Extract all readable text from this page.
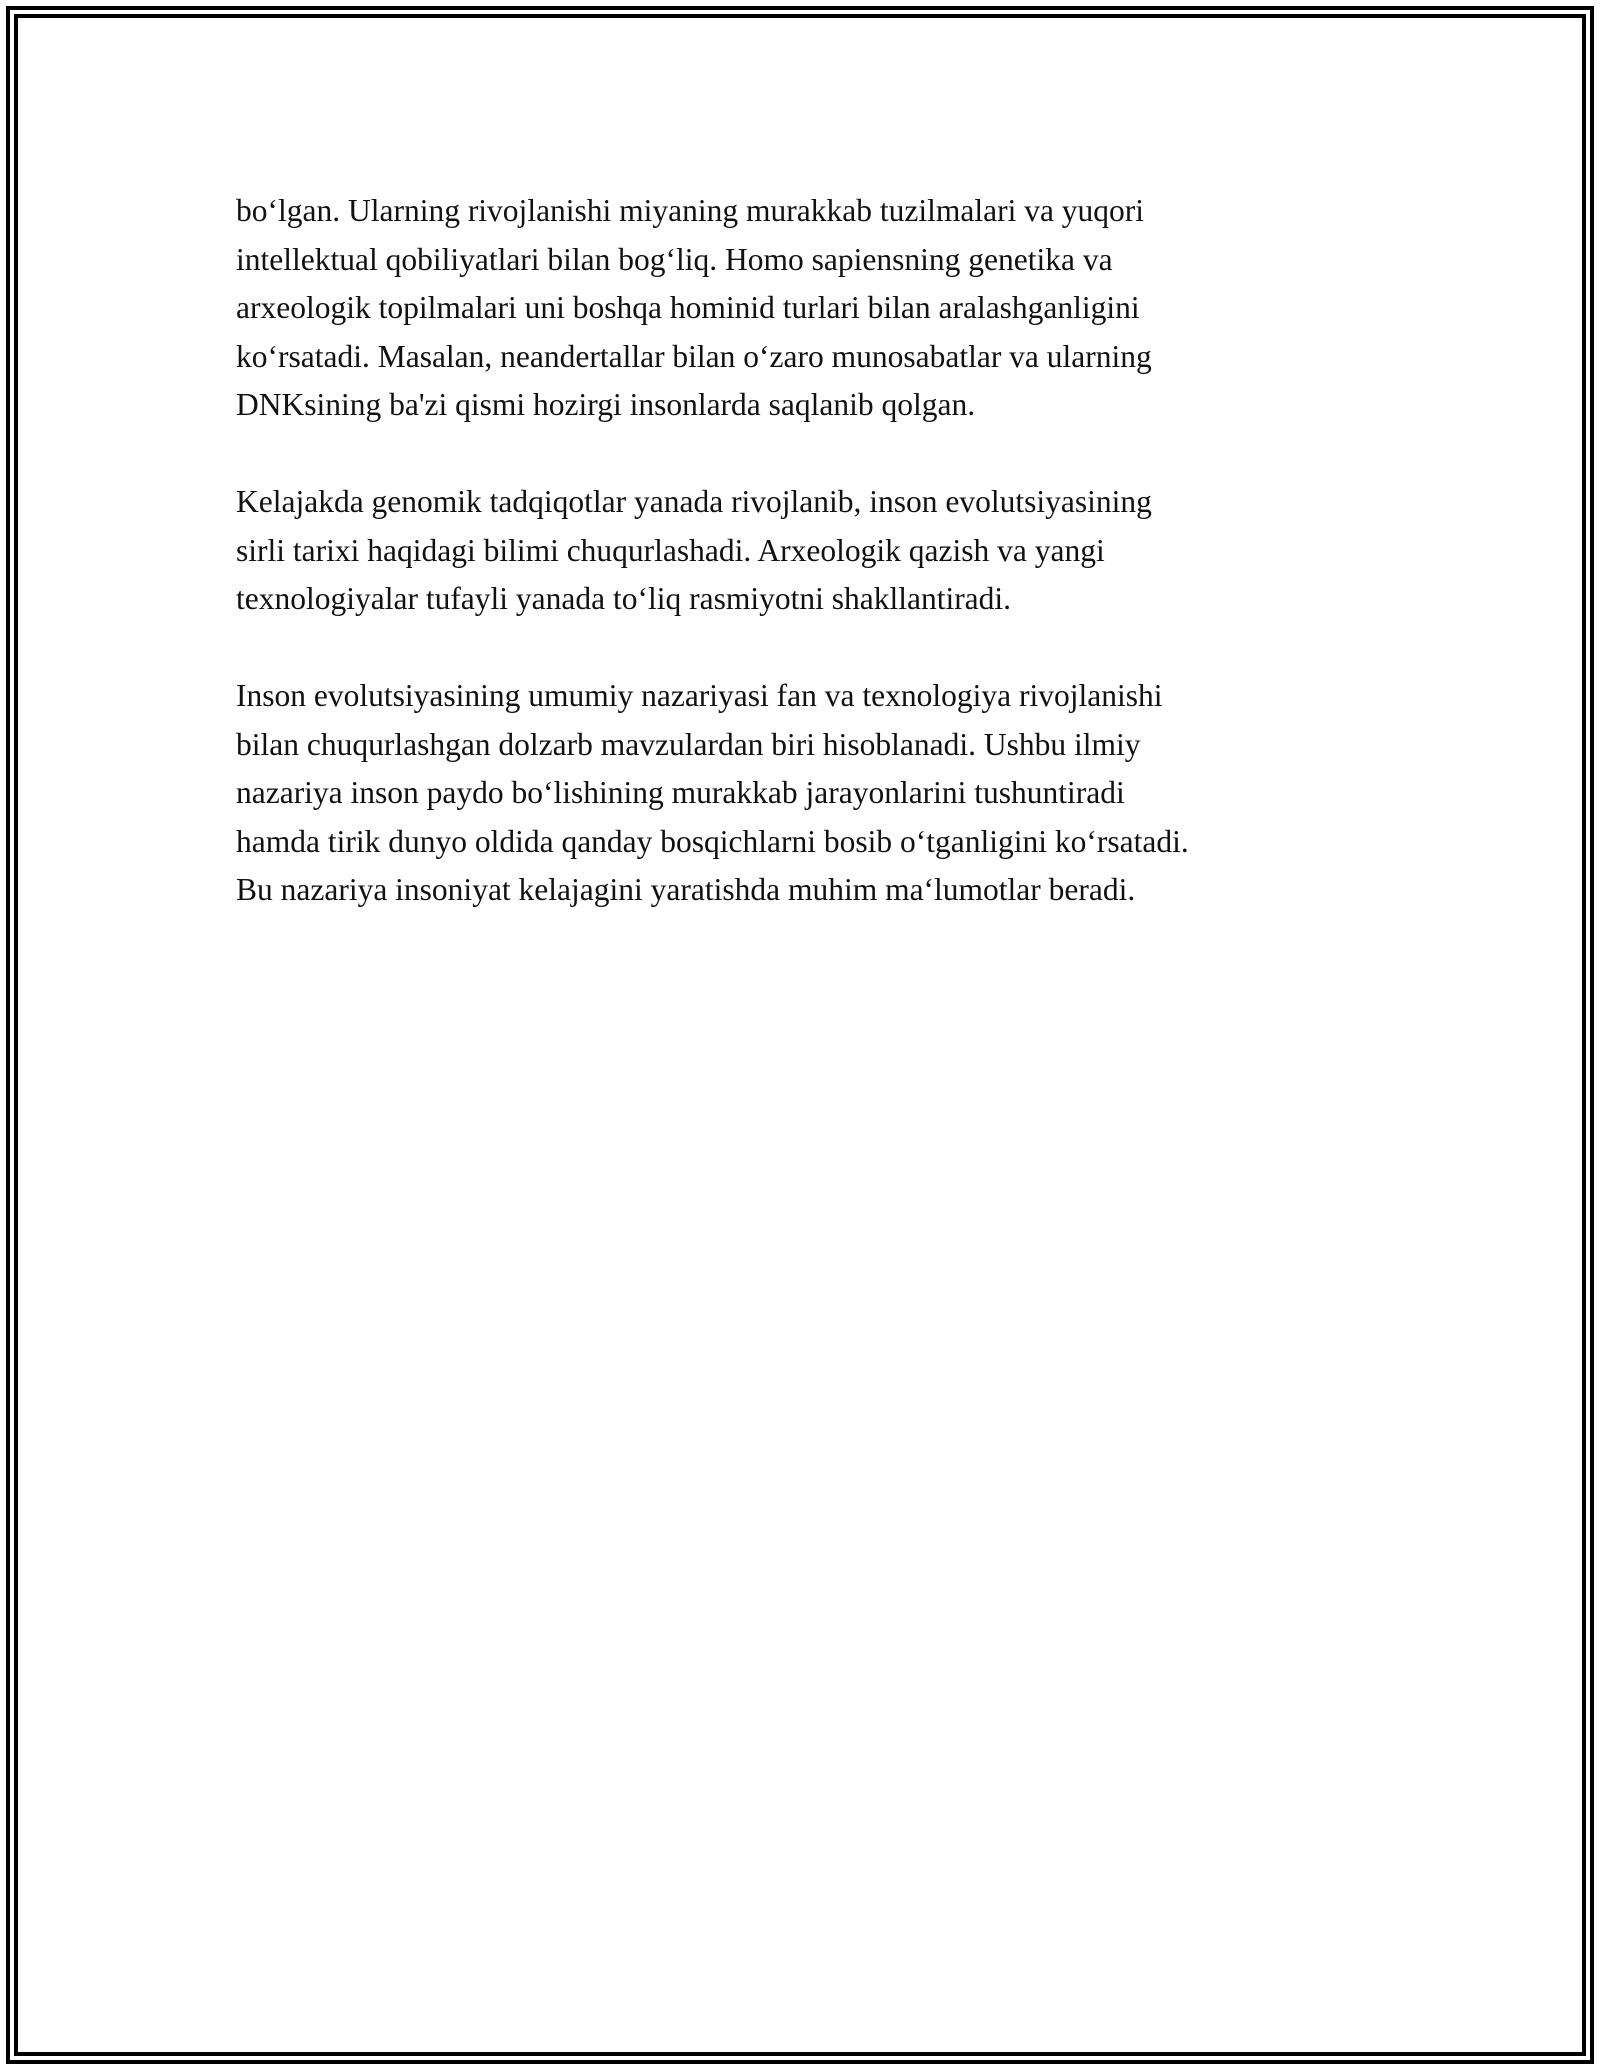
bo‘lgan. Ularning rivojlanishi miyaning murakkab tuzilmalari va yuqori
intellektual qobiliyatlari bilan bog‘liq. Homo sapiensning genetika va
arxeologik topilmalari uni boshqa hominid turlari bilan aralashganligini
ko‘rsatadi. Masalan, neandertallar bilan o‘zaro munosabatlar va ularning
DNKsining ba'zi qismi hozirgi insonlarda saqlanib qolgan.

Kelajakda genomik tadqiqotlar yanada rivojlanib, inson evolutsiyasining
sirli tarixi haqidagi bilimi chuqurlashadi. Arxeologik qazish va yangi
texnologiyalar tufayli yanada to‘liq rasmiyotni shakllantiradi.

Inson evolutsiyasining umumiy nazariyasi fan va texnologiya rivojlanishi
bilan chuqurlashgan dolzarb mavzulardan biri hisoblanadi. Ushbu ilmiy
nazariya inson paydo bo‘lishining murakkab jarayonlarini tushuntiradi
hamda tirik dunyo oldida qanday bosqichlarni bosib o‘tganligini ko‘rsatadi.
Bu nazariya insoniyat kelajagini yaratishda muhim ma‘lumotlar beradi.
